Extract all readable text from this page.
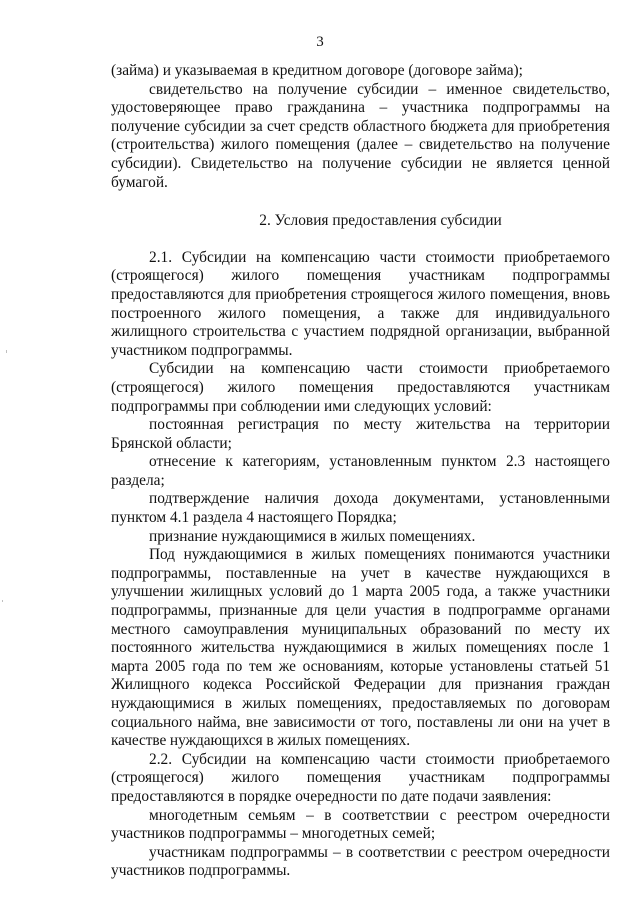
3

(займа) и указываемая в кредитном договоре (договоре займа);

свидетельство на получение субсидии – именное свидетельство, удостоверяющее право гражданина – участника подпрограммы на получение субсидии за счет средств областного бюджета для приобретения (строительства) жилого помещения (далее – свидетельство на получение субсидии). Свидетельство на получение субсидии не является ценной бумагой.

2. Условия предоставления субсидии

2.1. Субсидии на компенсацию части стоимости приобретаемого (строящегося) жилого помещения участникам подпрограммы предоставляются для приобретения строящегося жилого помещения, вновь построенного жилого помещения, а также для индивидуального жилищного строительства с участием подрядной организации, выбранной участником подпрограммы.

Субсидии на компенсацию части стоимости приобретаемого (строящегося) жилого помещения предоставляются участникам подпрограммы при соблюдении ими следующих условий:

постоянная регистрация по месту жительства на территории Брянской области;

отнесение к категориям, установленным пунктом 2.3 настоящего раздела;

подтверждение наличия дохода документами, установленными пунктом 4.1 раздела 4 настоящего Порядка;

признание нуждающимися в жилых помещениях.

Под нуждающимися в жилых помещениях понимаются участники подпрограммы, поставленные на учет в качестве нуждающихся в улучшении жилищных условий до 1 марта 2005 года, а также участники подпрограммы, признанные для цели участия в подпрограмме органами местного самоуправления муниципальных образований по месту их постоянного жительства нуждающимися в жилых помещениях после 1 марта 2005 года по тем же основаниям, которые установлены статьей 51 Жилищного кодекса Российской Федерации для признания граждан нуждающимися в жилых помещениях, предоставляемых по договорам социального найма, вне зависимости от того, поставлены ли они на учет в качестве нуждающихся в жилых помещениях.

2.2. Субсидии на компенсацию части стоимости приобретаемого (строящегося) жилого помещения участникам подпрограммы предоставляются в порядке очередности по дате подачи заявления:

многодетным семьям – в соответствии с реестром очередности участников подпрограммы – многодетных семей;

участникам подпрограммы – в соответствии с реестром очередности участников подпрограммы.
